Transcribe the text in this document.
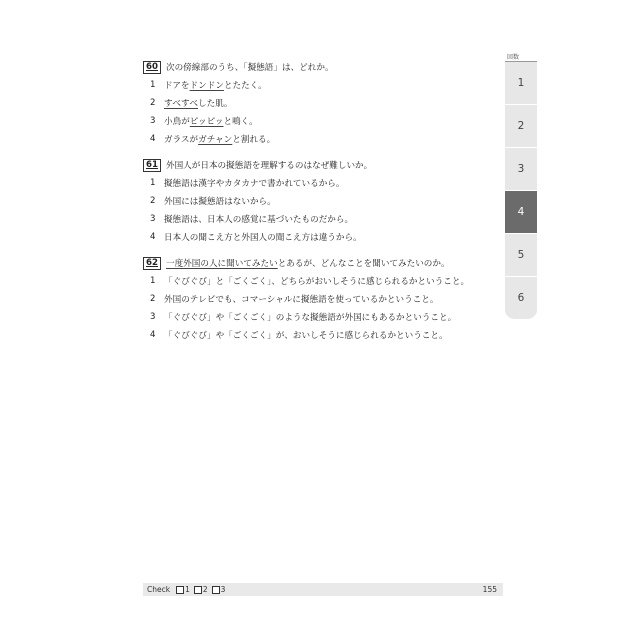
60 次の傍線部のうち、「擬態語」は、どれか。
1 ドアを ドンドン とたたく。
2 すべすべ した肌。
3 小鳥が ピッピッ と鳴く。
4 ガラスが ガチャン と割れる。
61 外国人が日本の擬態語を理解するのはなぜ難しいか。
1 擬態語は漢字やカタカナで書かれているから。
2 外国には擬態語はないから。
3 擬態語は、日本人の感覚に基づいたものだから。
4 日本人の聞こえ方と外国人の聞こえ方は違うから。
62 一度外国の人に聞いてみたい とあるが、どんなことを聞いてみたいのか。
1 「ぐびぐび」と「ごくごく」、どちらがおいしそうに感じられるかということ。
2 外国のテレビでも、コマーシャルに擬態語を使っているかということ。
3 「ぐびぐび」や「ごくごく」のような擬態語が外国にもあるかということ。
4 「ぐびぐび」や「ごくごく」が、おいしそうに感じられるかということ。
回数
1
2
3
4
5
6
Check 1 2 3	155
